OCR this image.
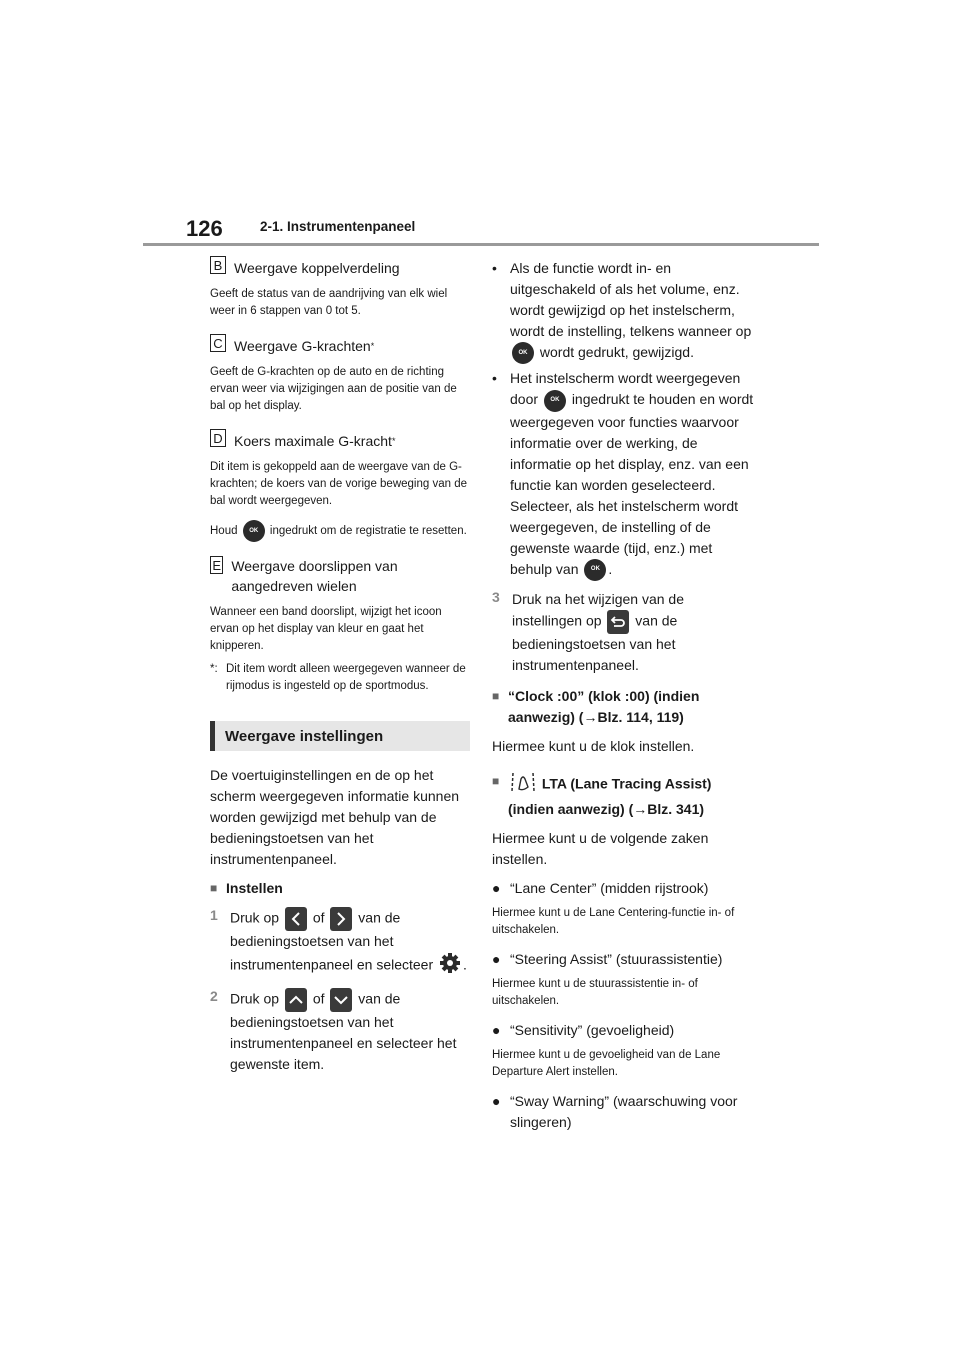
126	2-1. Instrumentenpaneel

B Weergave koppelverdeling

Geeft de status van de aandrijving van elk wiel weer in 6 stappen van 0 tot 5.

C Weergave G-krachten *

Geeft de G-krachten op de auto en de richting ervan weer via wijzigingen aan de positie van de bal op het display.

D Koers maximale G-kracht *

Dit item is gekoppeld aan de weergave van de G-krachten; de koers van de vorige beweging van de bal wordt weergegeven.

Houd OK ingedrukt om de registratie te resetten.

E Weergave doorslippen van aangedreven wielen

Wanneer een band doorslipt, wijzigt het icoon ervan op het display van kleur en gaat het knipperen.

*: Dit item wordt alleen weergegeven wanneer de rijmodus is ingesteld op de sportmodus.
Weergave instellingen

De voertuiginstellingen en de op het scherm weergegeven informatie kunnen worden gewijzigd met behulp van de bedieningstoetsen van het instrumentenpaneel.

■ Instellen
1 Druk op of van de bedieningstoetsen van het instrumentenpaneel en selecteer .
2 Druk op of van de bedieningstoetsen van het instrumentenpaneel en selecteer het gewenste item.
• Als de functie wordt in- en uitgeschakeld of als het volume, enz. wordt gewijzigd op het instelscherm, wordt de instelling, telkens wanneer op OK wordt gedrukt, gewijzigd.
• Het instelscherm wordt weergegeven door OK ingedrukt te houden en wordt weergegeven voor functies waarvoor informatie over de werking, de informatie op het display, enz. van een functie kan worden geselecteerd. Selecteer, als het instelscherm wordt weergegeven, de instelling of de gewenste waarde (tijd, enz.) met behulp van OK .
3 Druk na het wijzigen van de instellingen op van de bedieningstoetsen van het instrumentenpaneel.
■ “Clock :00” (klok :00) (indien aanwezig) (→Blz. 114, 119)

Hiermee kunt u de klok instellen.

■	LTA (Lane Tracing Assist) (indien aanwezig) (→Blz. 341)

Hiermee kunt u de volgende zaken instellen.

● “Lane Center” (midden rijstrook)

Hiermee kunt u de Lane Centering-functie in- of uitschakelen.

● “Steering Assist” (stuurassistentie)

Hiermee kunt u de stuurassistentie in- of uitschakelen.

● “Sensitivity” (gevoeligheid)

Hiermee kunt u de gevoeligheid van de Lane Departure Alert instellen.

● “Sway Warning” (waarschuwing voor slingeren)
